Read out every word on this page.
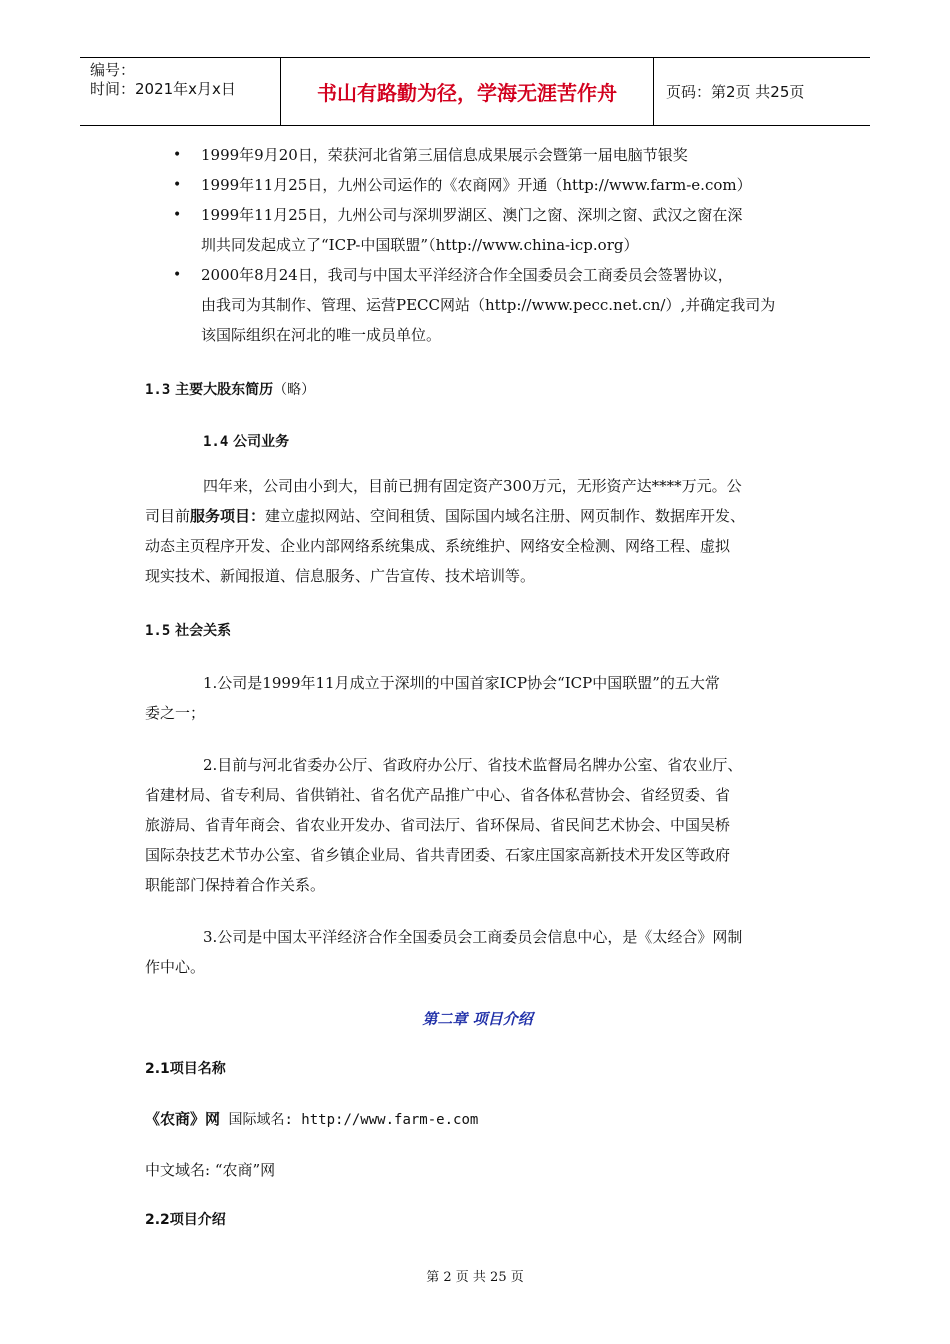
编号：
时间：2021年x月x日	书山有路勤为径，学海无涯苦作舟	页码：第2页 共25页
• 1999年9月20日，荣获河北省第三届信息成果展示会暨第一届电脑节银奖
• 1999年11月25日，九州公司运作的《农商网》开通（http://www.farm-e.com）
• 1999年11月25日，九州公司与深圳罗湖区、澳门之窗、深圳之窗、武汉之窗在深
圳共同发起成立了“ICP-中国联盟”（http://www.china-icp.org）
• 2000年8月24日，我司与中国太平洋经济合作全国委员会工商委员会签署协议，
由我司为其制作、管理、运营PECC网站（http://www.pecc.net.cn/）,并确定我司为
该国际组织在河北的唯一成员单位。
1.3 主要大股东简历（略）
1.4 公司业务
四年来，公司由小到大，目前已拥有固定资产300万元，无形资产达****万元。公
司目前服务项目：建立虚拟网站、空间租赁、国际国内域名注册、网页制作、数据库开发、
动态主页程序开发、企业内部网络系统集成、系统维护、网络安全检测、网络工程、虚拟
现实技术、新闻报道、信息服务、广告宣传、技术培训等。
1.5 社会关系
1.公司是1999年11月成立于深圳的中国首家ICP协会“ICP中国联盟”的五大常
委之一；
2.目前与河北省委办公厅、省政府办公厅、省技术监督局名牌办公室、省农业厅、
省建材局、省专利局、省供销社、省名优产品推广中心、省各体私营协会、省经贸委、省
旅游局、省青年商会、省农业开发办、省司法厅、省环保局、省民间艺术协会、中国吴桥
国际杂技艺术节办公室、省乡镇企业局、省共青团委、石家庄国家高新技术开发区等政府
职能部门保持着合作关系。
3.公司是中国太平洋经济合作全国委员会工商委员会信息中心，是《太经合》网制
作中心。
第二章 项目介绍
2.1项目名称
《农商》网 国际域名: http://www.farm-e.com
中文域名: “农商”网
2.2项目介绍
第 2 页 共 25 页
